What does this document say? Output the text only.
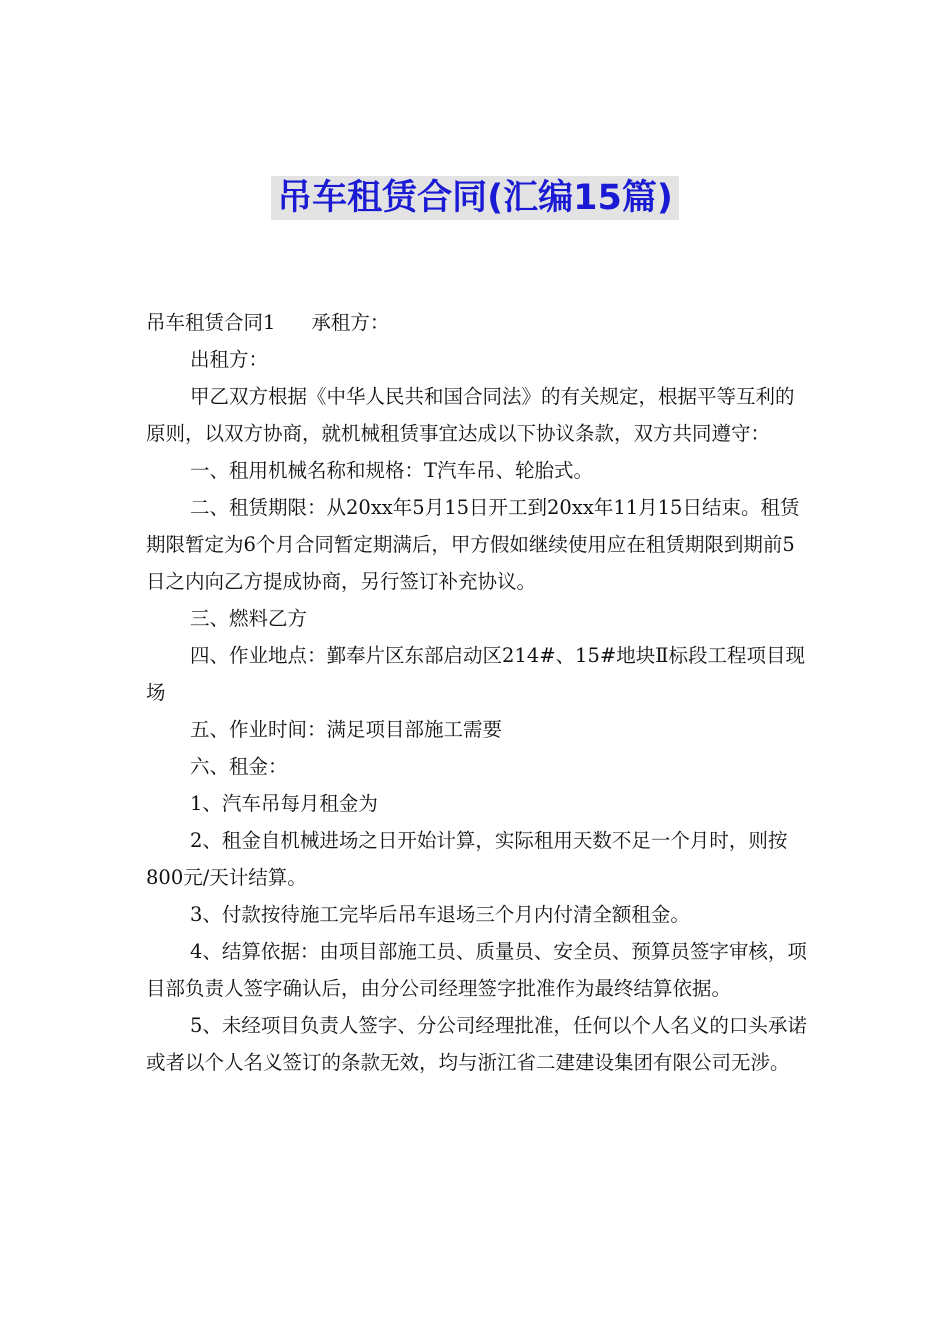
吊车租赁合同(汇编15篇)

吊车租赁合同1 承租方：

出租方：

甲乙双方根据《中华人民共和国合同法》的有关规定，根据平等互利的原则，以双方协商，就机械租赁事宜达成以下协议条款，双方共同遵守：

一、租用机械名称和规格：T汽车吊、轮胎式。

二、租赁期限：从20xx年5月15日开工到20xx年11月15日结束。租赁期限暂定为6个月合同暂定期满后，甲方假如继续使用应在租赁期限到期前5日之内向乙方提成协商，另行签订补充协议。

三、燃料乙方

四、作业地点：鄞奉片区东部启动区214#、15#地块Ⅱ标段工程项目现场

五、作业时间：满足项目部施工需要

六、租金：

1、汽车吊每月租金为

2、租金自机械进场之日开始计算，实际租用天数不足一个月时，则按800元/天计结算。

3、付款按待施工完毕后吊车退场三个月内付清全额租金。

4、结算依据：由项目部施工员、质量员、安全员、预算员签字审核，项目部负责人签字确认后，由分公司经理签字批准作为最终结算依据。

5、未经项目负责人签字、分公司经理批准，任何以个人名义的口头承诺或者以个人名义签订的条款无效，均与浙江省二建建设集团有限公司无涉。
